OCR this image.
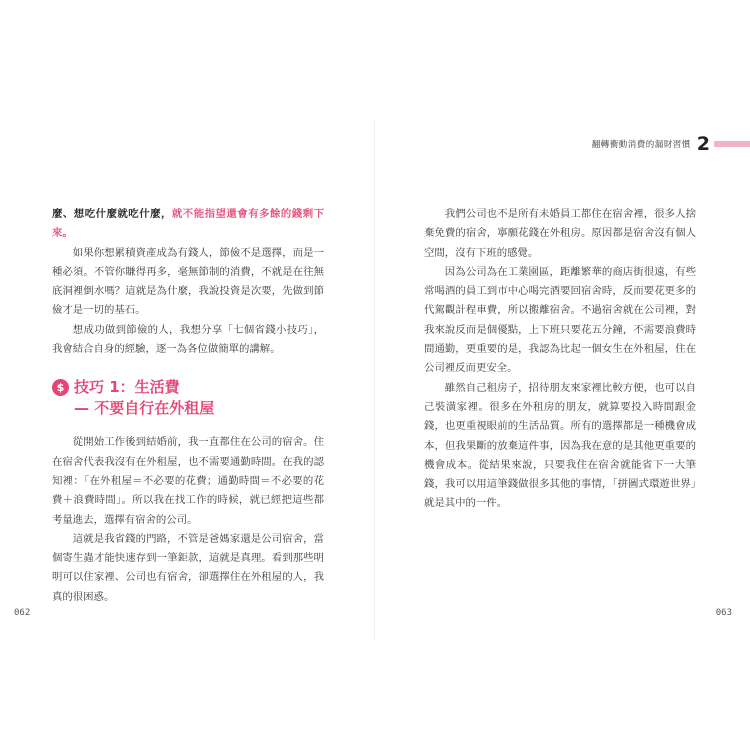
翻轉衝動消費的漏財習慣 2

麼、想吃什麼就吃什麼，就不能指望還會有多餘的錢剩下來。

如果你想累積資產成為有錢人，節儉不是選擇，而是一種必須。不管你賺得再多，毫無節制的消費，不就是在往無底洞裡倒水嗎？這就是為什麼，我說投資是次要，先做到節儉才是一切的基石。

想成功做到節儉的人，我想分享「七個省錢小技巧」，我會結合自身的經驗，逐一為各位做簡單的講解。

$ 技巧 1：生活費
— 不要自行在外租屋

從開始工作後到結婚前，我一直都住在公司的宿舍。住在宿舍代表我沒有在外租屋，也不需要通勤時間。在我的認知裡：「在外租屋＝不必要的花費；通勤時間＝不必要的花費＋浪費時間」。所以我在找工作的時候，就已經把這些都考量進去，選擇有宿舍的公司。

這就是我省錢的門路，不管是爸媽家還是公司宿舍，當個寄生蟲才能快速存到一筆鉅款，這就是真理。看到那些明明可以住家裡、公司也有宿舍，卻選擇住在外租屋的人，我真的很困惑。

我們公司也不是所有未婚員工都住在宿舍裡，很多人捨棄免費的宿舍，寧願花錢在外租房。原因都是宿舍沒有個人空間，沒有下班的感覺。

因為公司為在工業園區，距離繁華的商店街很遠，有些常喝酒的員工到市中心喝完酒要回宿舍時，反而要花更多的代駕觀計程車費，所以搬離宿舍。不過宿舍就在公司裡，對我來說反而是個優點，上下班只要花五分鐘，不需要浪費時間通勤，更重要的是，我認為比起一個女生在外租屋，住在公司裡反而更安全。

雖然自己租房子，招待朋友來家裡比較方便，也可以自己裝潢家裡。很多在外租房的朋友，就算要投入時間跟金錢，也更重視眼前的生活品質。所有的選擇都是一種機會成本，但我果斷的放棄這件事，因為我在意的是其他更重要的機會成本。從結果來說，只要我住在宿舍就能省下一大筆錢，我可以用這筆錢做很多其他的事情，「拼圖式環遊世界」就是其中的一件。

062	063
